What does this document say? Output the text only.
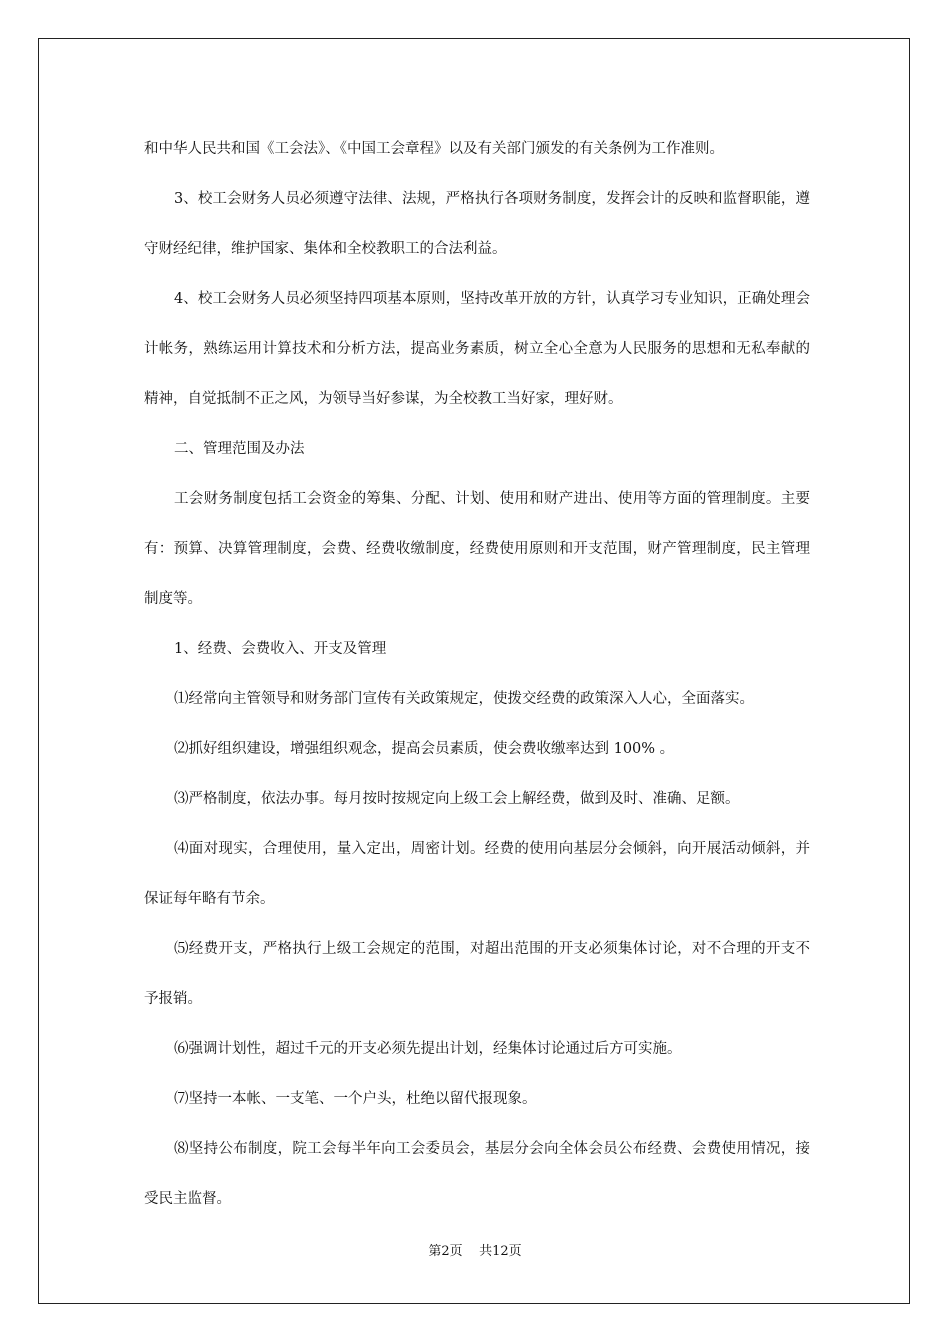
和中华人民共和国《工会法》、《中国工会章程》以及有关部门颁发的有关条例为工作准则。

3、校工会财务人员必须遵守法律、法规，严格执行各项财务制度，发挥会计的反映和监督职能，遵守财经纪律，维护国家、集体和全校教职工的合法利益。

4、校工会财务人员必须坚持四项基本原则，坚持改革开放的方针，认真学习专业知识，正确处理会计帐务，熟练运用计算技术和分析方法，提高业务素质，树立全心全意为人民服务的思想和无私奉献的精神，自觉抵制不正之风，为领导当好参谋，为全校教工当好家，理好财。

二、管理范围及办法

工会财务制度包括工会资金的筹集、分配、计划、使用和财产进出、使用等方面的管理制度。主要有：预算、决算管理制度，会费、经费收缴制度，经费使用原则和开支范围，财产管理制度，民主管理制度等。

1、经费、会费收入、开支及管理

⑴经常向主管领导和财务部门宣传有关政策规定，使拨交经费的政策深入人心，全面落实。

⑵抓好组织建设，增强组织观念，提高会员素质，使会费收缴率达到 100% 。

⑶严格制度，依法办事。每月按时按规定向上级工会上解经费，做到及时、准确、足额。

⑷面对现实，合理使用，量入定出，周密计划。经费的使用向基层分会倾斜，向开展活动倾斜，并保证每年略有节余。

⑸经费开支，严格执行上级工会规定的范围，对超出范围的开支必须集体讨论，对不合理的开支不予报销。

⑹强调计划性，超过千元的开支必须先提出计划，经集体讨论通过后方可实施。

⑺坚持一本帐、一支笔、一个户头，杜绝以留代报现象。

⑻坚持公布制度，院工会每半年向工会委员会，基层分会向全体会员公布经费、会费使用情况，接受民主监督。

第2页    共12页
